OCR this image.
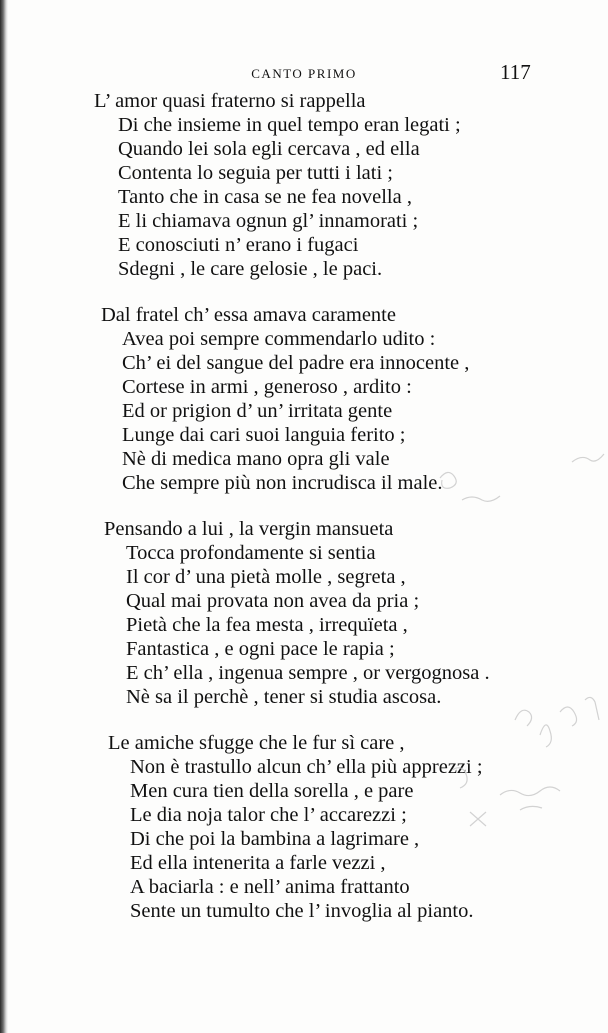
CANTO PRIMO	117
L’ amor quasi fraterno si rappella
Di che insieme in quel tempo eran legati ;
Quando lei sola egli cercava , ed ella
Contenta lo seguia per tutti i lati ;
Tanto che in casa se ne fea novella ,
E li chiamava ognun gl’ innamorati ;
E conosciuti n’ erano i fugaci
Sdegni , le care gelosie , le paci.
Dal fratel ch’ essa amava caramente
Avea poi sempre commendarlo udito :
Ch’ ei del sangue del padre era innocente ,
Cortese in armi , generoso , ardito :
Ed or prigion d’ un’ irritata gente
Lunge dai cari suoi languia ferito ;
Nè di medica mano opra gli vale
Che sempre più non incrudisca il male.
Pensando a lui , la vergin mansueta
Tocca profondamente si sentia
Il cor d’ una pietà molle , segreta ,
Qual mai provata non avea da pria ;
Pietà che la fea mesta , irrequïeta ,
Fantastica , e ogni pace le rapia ;
E ch’ ella , ingenua sempre , or vergognosa .
Nè sa il perchè , tener si studia ascosa.
Le amiche sfugge che le fur sì care ,
Non è trastullo alcun ch’ ella più apprezzi ;
Men cura tien della sorella , e pare
Le dia noja talor che l’ accarezzi ;
Di che poi la bambina a lagrimare ,
Ed ella intenerita a farle vezzi ,
A baciarla : e nell’ anima frattanto
Sente un tumulto che l’ invoglia al pianto.
